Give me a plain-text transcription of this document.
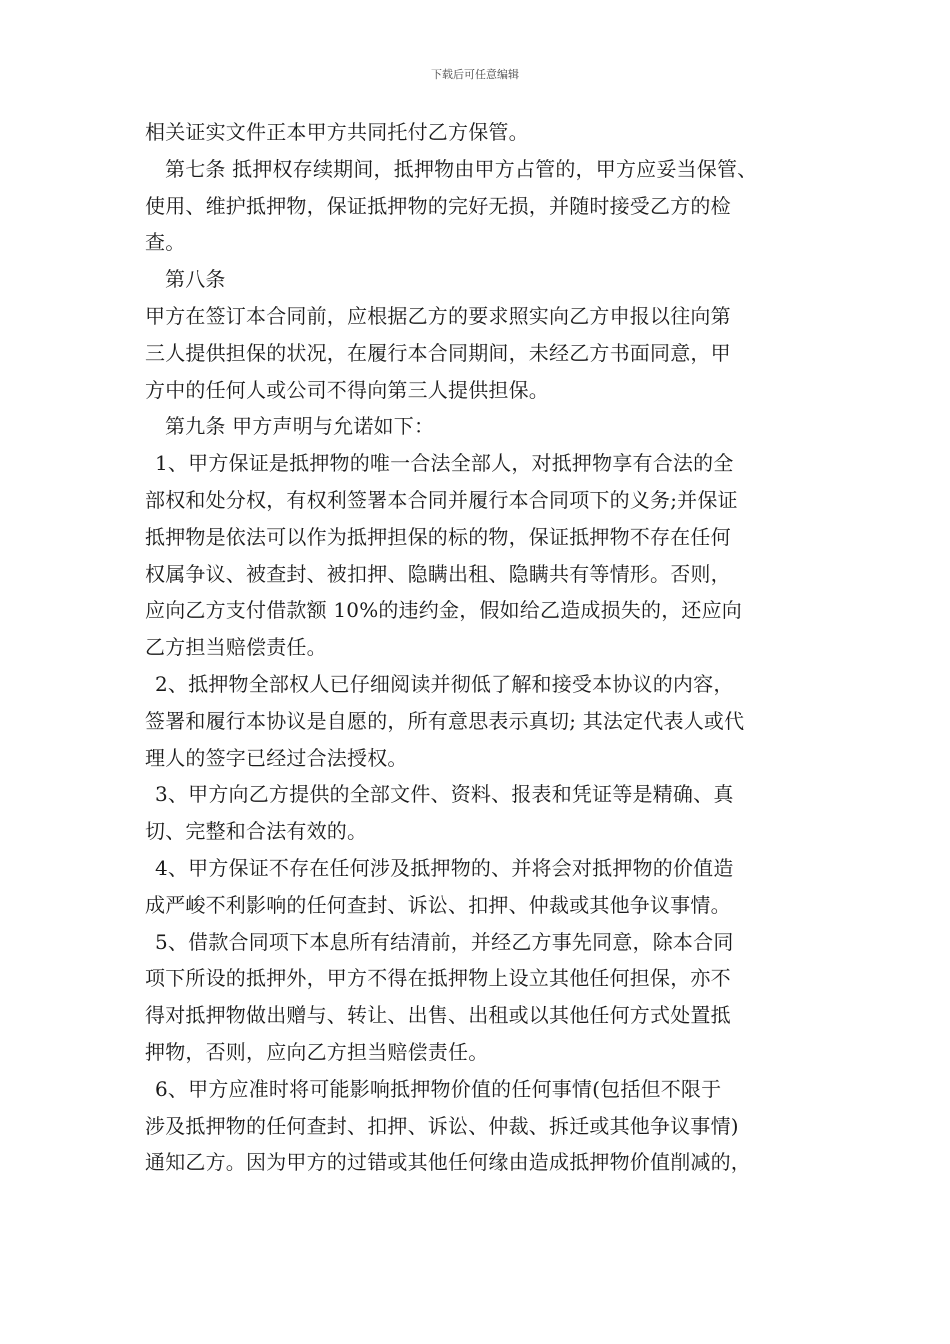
下载后可任意编辑
相关证实文件正本甲方共同托付乙方保管。
第七条 抵押权存续期间，抵押物由甲方占管的，甲方应妥当保管、
使用、维护抵押物，保证抵押物的完好无损，并随时接受乙方的检
查。
第八条
甲方在签订本合同前，应根据乙方的要求照实向乙方申报以往向第
三人提供担保的状况，在履行本合同期间，未经乙方书面同意，甲
方中的任何人或公司不得向第三人提供担保。
第九条 甲方声明与允诺如下：
1、甲方保证是抵押物的唯一合法全部人，对抵押物享有合法的全
部权和处分权，有权利签署本合同并履行本合同项下的义务;并保证
抵押物是依法可以作为抵押担保的标的物，保证抵押物不存在任何
权属争议、被查封、被扣押、隐瞒出租、隐瞒共有等情形。否则，
应向乙方支付借款额 10%的违约金，假如给乙造成损失的，还应向
乙方担当赔偿责任。
2、抵押物全部权人已仔细阅读并彻低了解和接受本协议的内容，
签署和履行本协议是自愿的，所有意思表示真切; 其法定代表人或代
理人的签字已经过合法授权。
3、甲方向乙方提供的全部文件、资料、报表和凭证等是精确、真
切、完整和合法有效的。
4、甲方保证不存在任何涉及抵押物的、并将会对抵押物的价值造
成严峻不利影响的任何查封、诉讼、扣押、仲裁或其他争议事情。
5、借款合同项下本息所有结清前，并经乙方事先同意，除本合同
项下所设的抵押外，甲方不得在抵押物上设立其他任何担保，亦不
得对抵押物做出赠与、转让、出售、出租或以其他任何方式处置抵
押物，否则，应向乙方担当赔偿责任。
6、甲方应准时将可能影响抵押物价值的任何事情(包括但不限于
涉及抵押物的任何查封、扣押、诉讼、仲裁、拆迁或其他争议事情)
通知乙方。因为甲方的过错或其他任何缘由造成抵押物价值削减的，
